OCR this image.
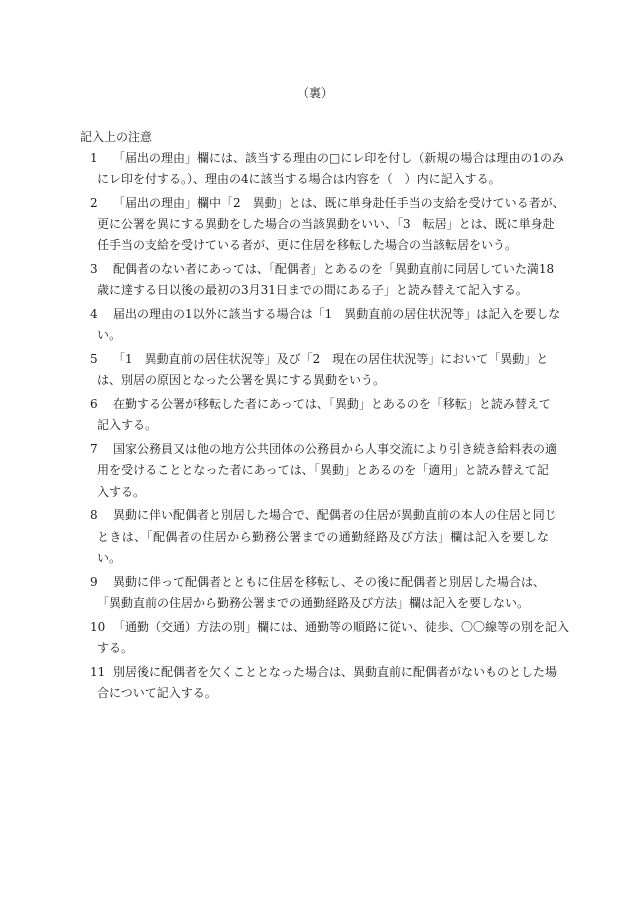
（裏）
記入上の注意
1 「届出の理由」欄には、該当する理由の□にレ印を付し（新規の場合は理由の1のみ
にレ印を付する。）、理由の4に該当する場合は内容を（　）内に記入する。
2 「届出の理由」欄中「2　異動」とは、既に単身赴任手当の支給を受けている者が、
更に公署を異にする異動をした場合の当該異動をいい、「3　転居」とは、既に単身赴
任手当の支給を受けている者が、更に住居を移転した場合の当該転居をいう。
3 配偶者のない者にあっては、「配偶者」とあるのを「異動直前に同居していた満18
歳に達する日以後の最初の3月31日までの間にある子」と読み替えて記入する。
4 届出の理由の1以外に該当する場合は「1　異動直前の居住状況等」は記入を要しな
い。
5 「1　異動直前の居住状況等」及び「2　現在の居住状況等」において「異動」と
は、別居の原因となった公署を異にする異動をいう。
6 在勤する公署が移転した者にあっては、「異動」とあるのを「移転」と読み替えて
記入する。
7 国家公務員又は他の地方公共団体の公務員から人事交流により引き続き給料表の適
用を受けることとなった者にあっては、「異動」とあるのを「適用」と読み替えて記
入する。
8 異動に伴い配偶者と別居した場合で、配偶者の住居が異動直前の本人の住居と同じ
ときは、「配偶者の住居から勤務公署までの通勤経路及び方法」欄は記入を要しな
い。
9 異動に伴って配偶者とともに住居を移転し、その後に配偶者と別居した場合は、
「異動直前の住居から勤務公署までの通勤経路及び方法」欄は記入を要しない。
10 「通勤（交通）方法の別」欄には、通勤等の順路に従い、徒歩、〇〇線等の別を記入
する。
11 別居後に配偶者を欠くこととなった場合は、異動直前に配偶者がないものとした場
合について記入する。
